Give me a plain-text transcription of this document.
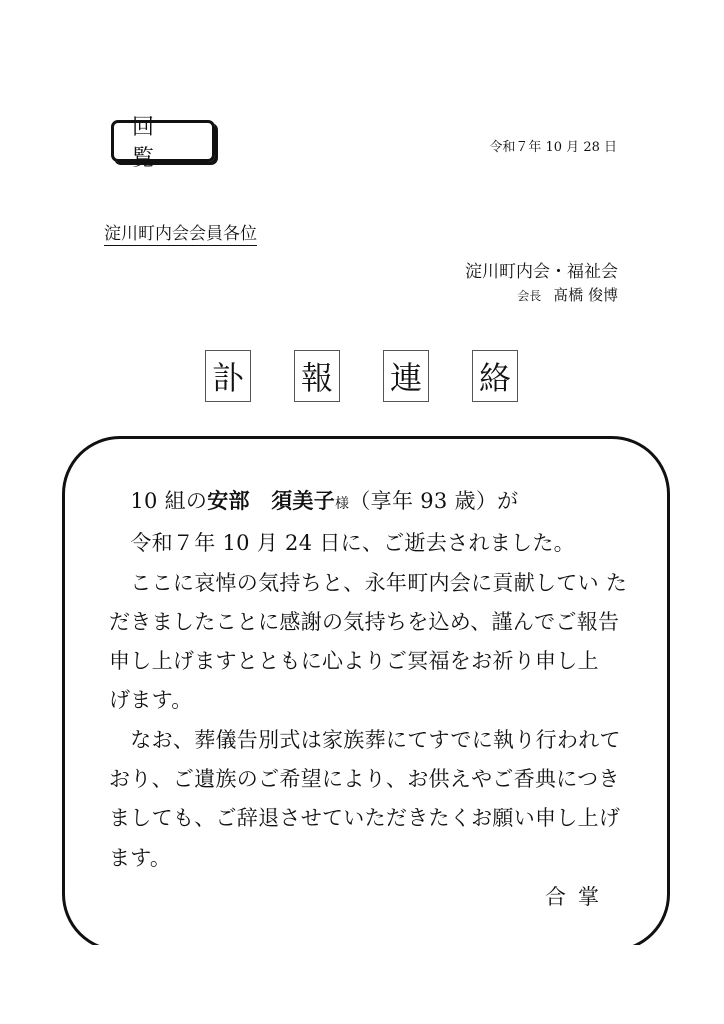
回 覧	令和７年 10 月 28 日
淀川町内会会員各位
淀川町内会・福祉会
会長 髙橋 俊博
訃 報 連 絡
　10 組の安部　須美子様（享年 93 歳）が
　令和７年 10 月 24 日に、ご逝去されました。
　ここに哀悼の気持ちと、永年町内会に貢献してい た
だきましたことに感謝の気持ちを込め、謹んでご報告
申し上げますとともに心よりご冥福をお祈り申し上
げます。
　なお、葬儀告別式は家族葬にてすでに執り行われて
おり、ご遺族のご希望により、お供えやご香典につき
ましても、ご辞退させていただきたくお願い申し上げ
ます。
合掌
